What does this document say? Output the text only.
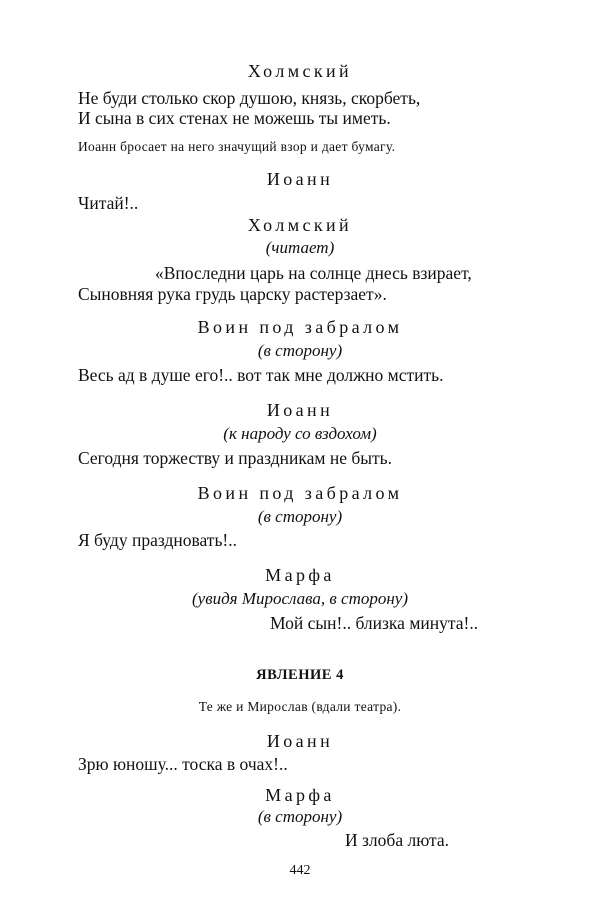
Холмский
Не буди столько скор душою, князь, скорбеть,
И сына в сих стенах не можешь ты иметь.
Иоанн бросает на него значущий взор и дает бумагу.
Иоанн
Читай!..
Холмский
(читает)
«Впоследни царь на солнце днесь взирает,
Сыновняя рука грудь царску растерзает».
Воин под забралом
(в сторону)
Весь ад в душе его!.. вот так мне должно мстить.
Иоанн
(к народу со вздохом)
Сегодня торжеству и праздникам не быть.
Воин под забралом
(в сторону)
Я буду праздновать!..
Марфа
(увидя Мирослава, в сторону)
Мой сын!.. близка минута!..
ЯВЛЕНИЕ 4
Те же и Мирослав (вдали театра).
Иоанн
Зрю юношу... тоска в очах!..
Марфа
(в сторону)
И злоба люта.
442
